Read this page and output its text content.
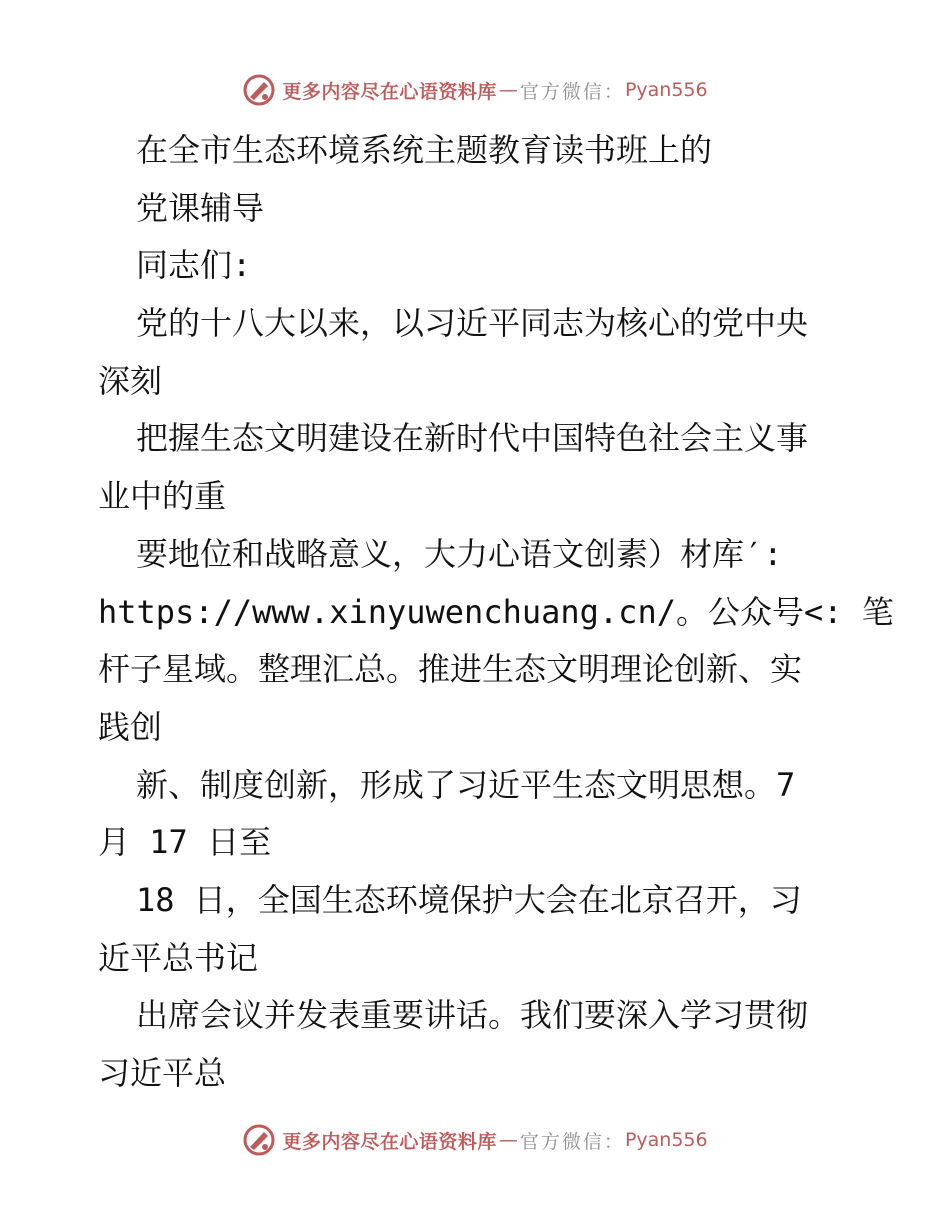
更多内容尽在心语资料库 — 官方微信： Pyan556
在全市生态环境系统主题教育读书班上的
党课辅导
同志们:
党的十八大以来，以习近平同志为核心的党中央
深刻
把握生态文明建设在新时代中国特色社会主义事
业中的重
要地位和战略意义，大力心语文创素）材库′:
https://www.xinyuwenchuang.cn/。公众号<: 笔
杆子星域。整理汇总。推进生态文明理论创新、实
践创
新、制度创新，形成了习近平生态文明思想。7
月 17 日至
18 日，全国生态环境保护大会在北京召开，习
近平总书记
出席会议并发表重要讲话。我们要深入学习贯彻
习近平总
更多内容尽在心语资料库 — 官方微信： Pyan556
